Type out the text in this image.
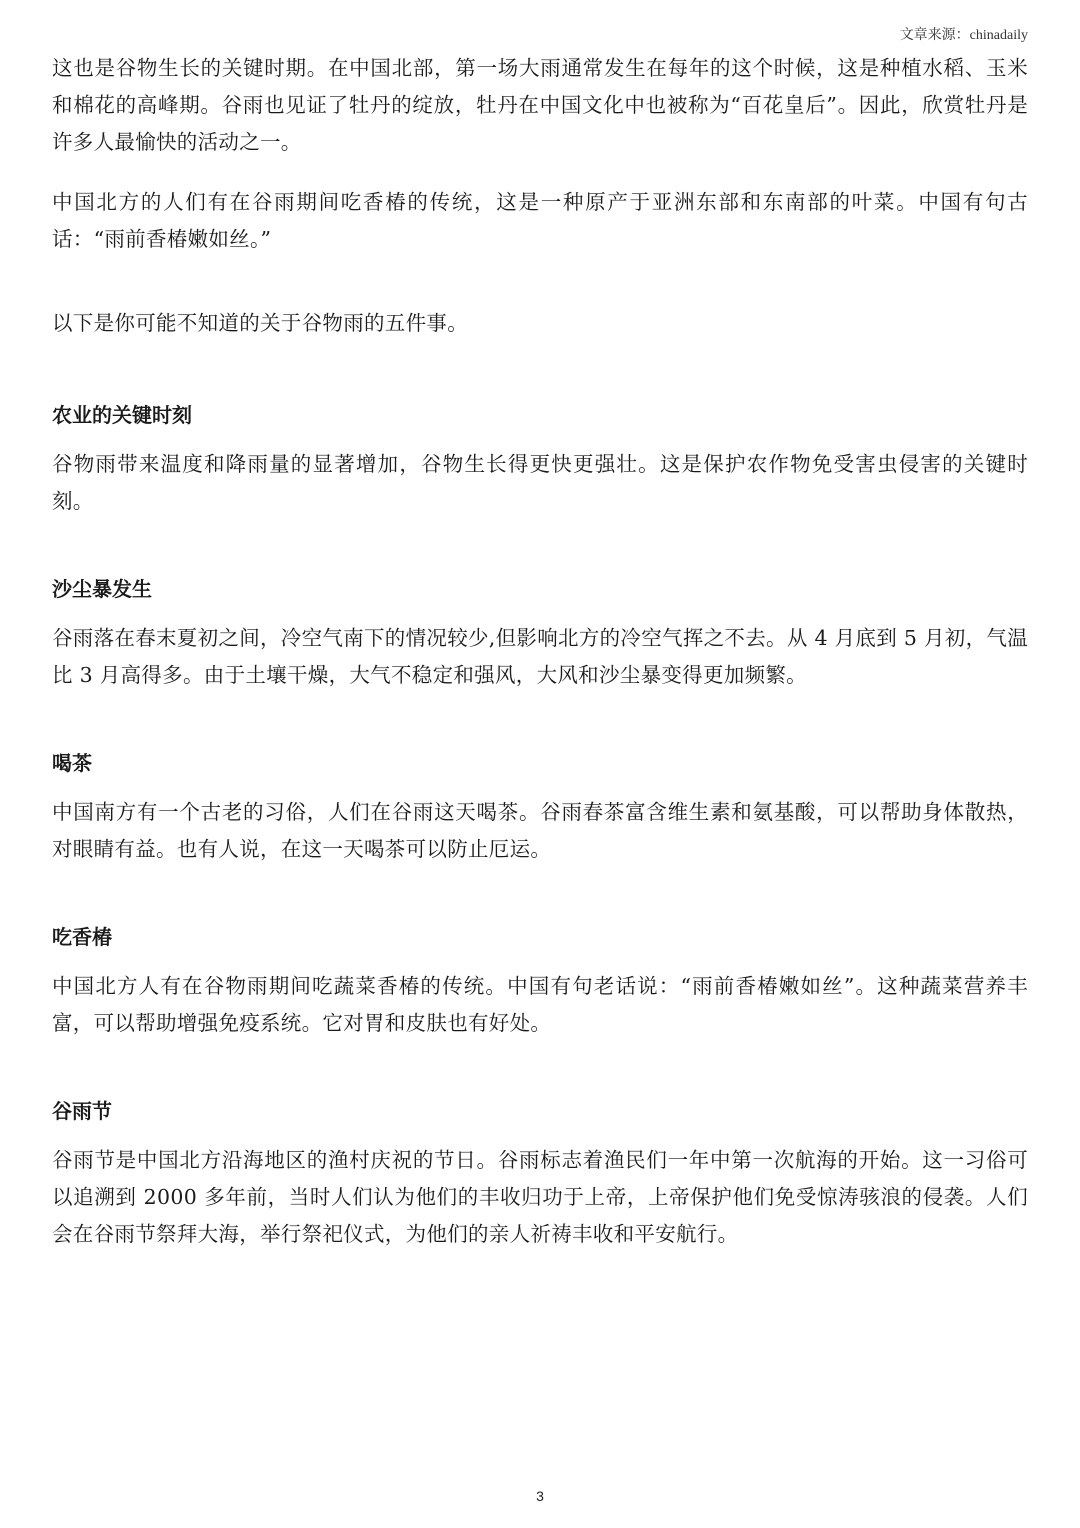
文章来源：chinadaily

这也是谷物生长的关键时期。在中国北部，第一场大雨通常发生在每年的这个时候，这是种植水稻、玉米和棉花的高峰期。谷雨也见证了牡丹的绽放，牡丹在中国文化中也被称为“百花皇后”。因此，欣赏牡丹是许多人最愉快的活动之一。

中国北方的人们有在谷雨期间吃香椿的传统，这是一种原产于亚洲东部和东南部的叶菜。中国有句古话：“雨前香椿嫩如丝。”

以下是你可能不知道的关于谷物雨的五件事。

农业的关键时刻

谷物雨带来温度和降雨量的显著增加，谷物生长得更快更强壮。这是保护农作物免受害虫侵害的关键时刻。

沙尘暴发生

谷雨落在春末夏初之间，冷空气南下的情况较少,但影响北方的冷空气挥之不去。从 4 月底到 5 月初，气温比 3 月高得多。由于土壤干燥，大气不稳定和强风，大风和沙尘暴变得更加频繁。

喝茶

中国南方有一个古老的习俗，人们在谷雨这天喝茶。谷雨春茶富含维生素和氨基酸，可以帮助身体散热，对眼睛有益。也有人说，在这一天喝茶可以防止厄运。

吃香椿

中国北方人有在谷物雨期间吃蔬菜香椿的传统。中国有句老话说：“雨前香椿嫩如丝”。这种蔬菜营养丰富，可以帮助增强免疫系统。它对胃和皮肤也有好处。

谷雨节

谷雨节是中国北方沿海地区的渔村庆祝的节日。谷雨标志着渔民们一年中第一次航海的开始。这一习俗可以追溯到 2000 多年前，当时人们认为他们的丰收归功于上帝，上帝保护他们免受惊涛骇浪的侵袭。人们会在谷雨节祭拜大海，举行祭祀仪式，为他们的亲人祈祷丰收和平安航行。

3
